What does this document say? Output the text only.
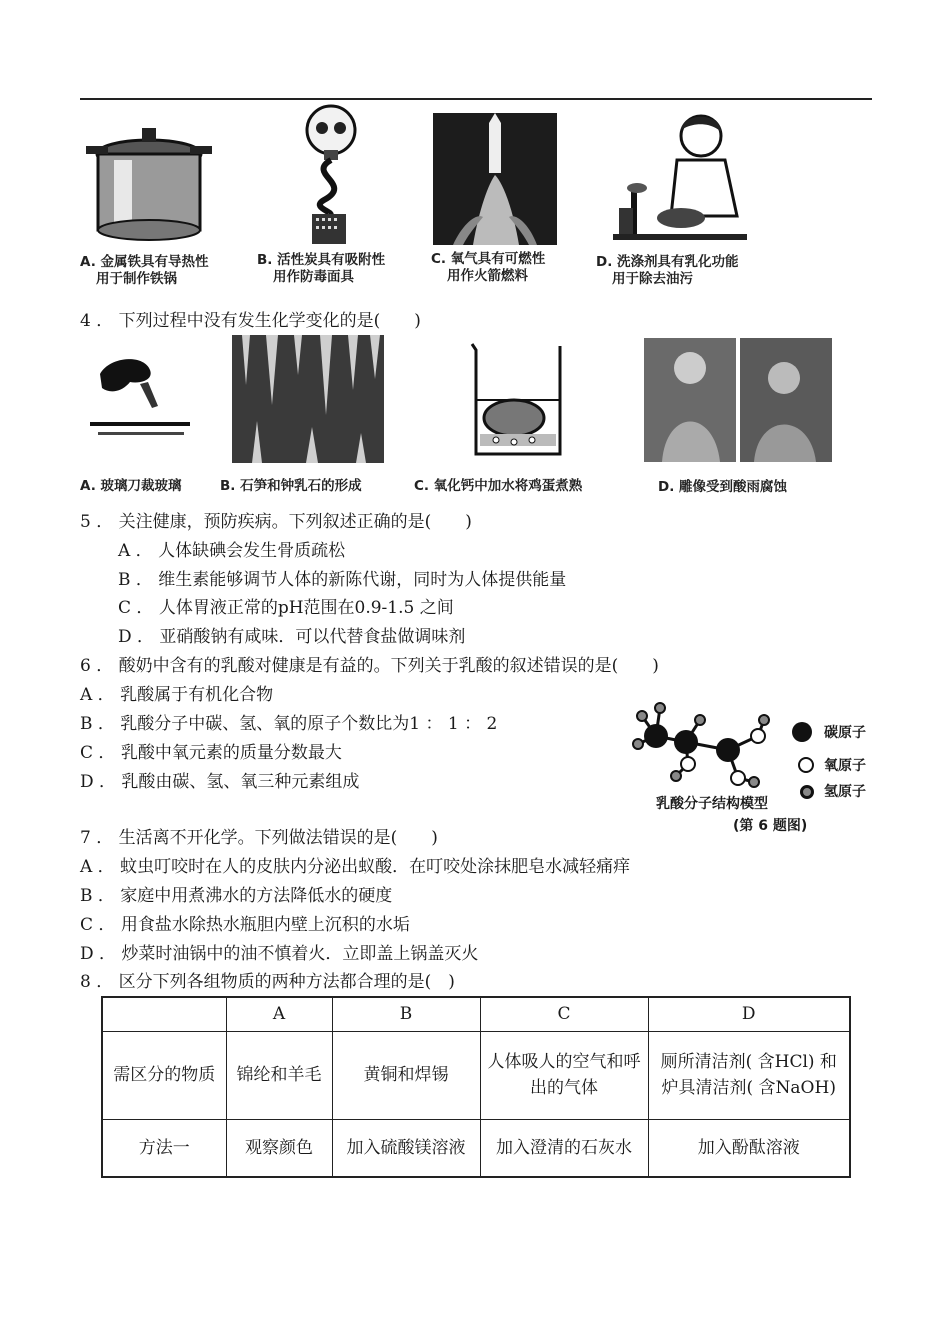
A. 金属铁具有导热性
用于制作铁锅
B. 活性炭具有吸附性
用作防毒面具
C. 氧气具有可燃性
用作火箭燃料
D. 洗涤剂具有乳化功能
用于除去油污
4 ． 下列过程中没有发生化学变化的是(　　)
A. 玻璃刀裁玻璃	B. 石笋和钟乳石的形成	C. 氧化钙中加水将鸡蛋煮熟	D. 雕像受到酸雨腐蚀
5 ． 关注健康，预防疾病。下列叙述正确的是(　　)
A ． 人体缺碘会发生骨质疏松
B ． 维生素能够调节人体的新陈代谢，同时为人体提供能量
C ． 人体胃液正常的pH范围在0.9-1.5 之间
D ． 亚硝酸钠有咸味．可以代替食盐做调味剂
6 ． 酸奶中含有的乳酸对健康是有益的。下列关于乳酸的叙述错误的是(　　)
A ． 乳酸属于有机化合物
B ． 乳酸分子中碳、氢、氧的原子个数比为1 ： 1 ： 2
C ． 乳酸中氧元素的质量分数最大
D ． 乳酸由碳、氢、氧三种元素组成
碳原子
氧原子
氢原子
乳酸分子结构模型
(第 6 题图)
7 ． 生活离不开化学。下列做法错误的是(　　)
A ． 蚊虫叮咬时在人的皮肤内分泌出蚁酸．在叮咬处涂抹肥皂水减轻痛痒
B ． 家庭中用煮沸水的方法降低水的硬度
C ． 用食盐水除热水瓶胆内壁上沉积的水垢
D ． 炒菜时油锅中的油不慎着火．立即盖上锅盖灭火
8 ． 区分下列各组物质的两种方法都合理的是(　)
	A	B	C	D
需区分的物质	锦纶和羊毛	黄铜和焊锡	人体吸人的空气和呼出的气体	厕所清洁剂( 含HCl) 和炉具清洁剂( 含NaOH)
方法一	观察颜色	加入硫酸镁溶液	加入澄清的石灰水	加入酚酞溶液
